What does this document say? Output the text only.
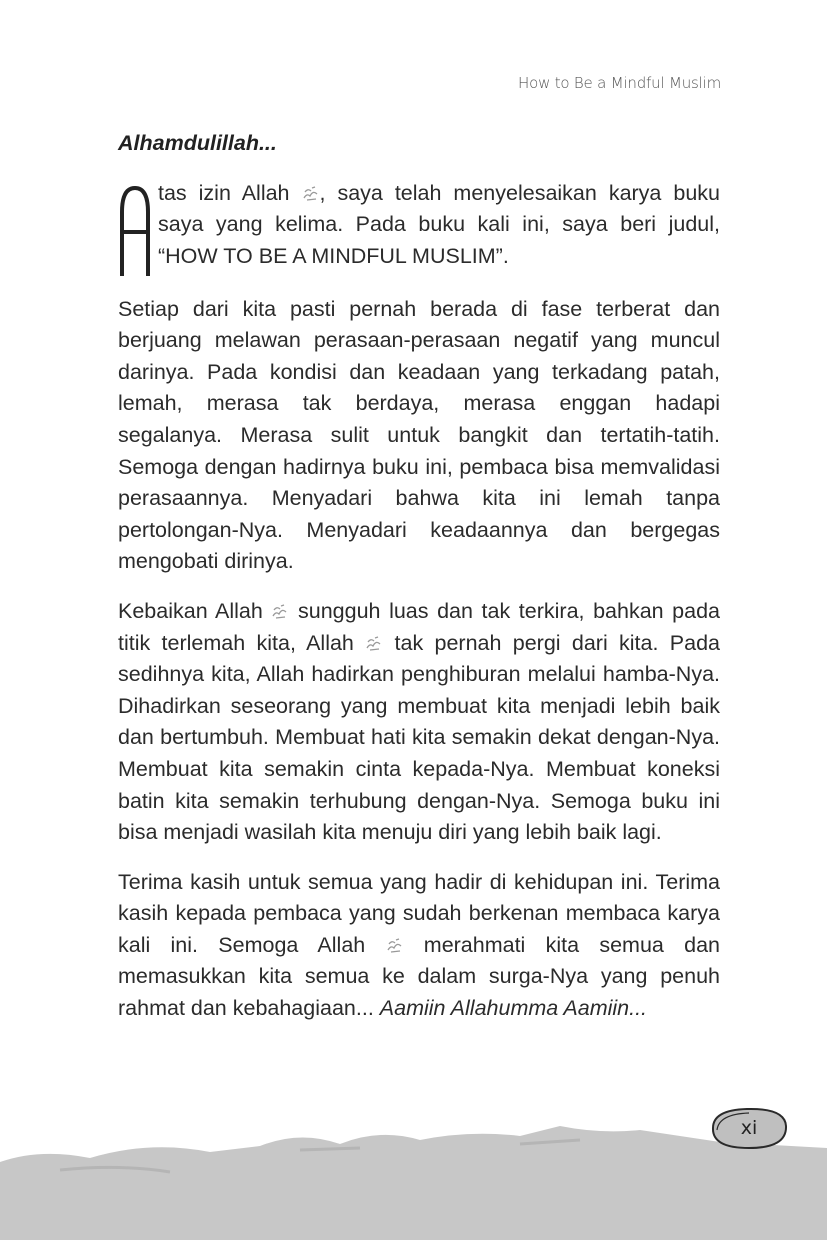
How to Be a Mindful Muslim
Alhamdulillah...
tas izin Allah , saya telah menyelesaikan karya buku saya yang kelima. Pada buku kali ini, saya beri judul, “HOW TO BE A MINDFUL MUSLIM”.

Setiap dari kita pasti pernah berada di fase terberat dan berjuang melawan perasaan-perasaan negatif yang muncul darinya. Pada kondisi dan keadaan yang terkadang patah, lemah, merasa tak berdaya, merasa enggan hadapi segalanya. Merasa sulit untuk bangkit dan tertatih-tatih. Semoga dengan hadirnya buku ini, pembaca bisa memvalidasi perasaannya. Menyadari bahwa kita ini lemah tanpa pertolongan-Nya. Menyadari keadaannya dan bergegas mengobati dirinya.

Kebaikan Allah  sungguh luas dan tak terkira, bahkan pada titik terlemah kita, Allah  tak pernah pergi dari kita. Pada sedihnya kita, Allah hadirkan penghiburan melalui hamba-Nya. Dihadirkan seseorang yang membuat kita menjadi lebih baik dan bertumbuh. Membuat hati kita semakin dekat dengan-Nya. Membuat kita semakin cinta kepada-Nya. Membuat koneksi batin kita semakin terhubung dengan-Nya. Semoga buku ini bisa menjadi wasilah kita menuju diri yang lebih baik lagi.

Terima kasih untuk semua yang hadir di kehidupan ini. Terima kasih kepada pembaca yang sudah berkenan membaca karya kali ini. Semoga Allah  merahmati kita semua dan memasukkan kita semua ke dalam surga-Nya yang penuh rahmat dan kebahagiaan... Aamiin Allahumma Aamiin...

xi
